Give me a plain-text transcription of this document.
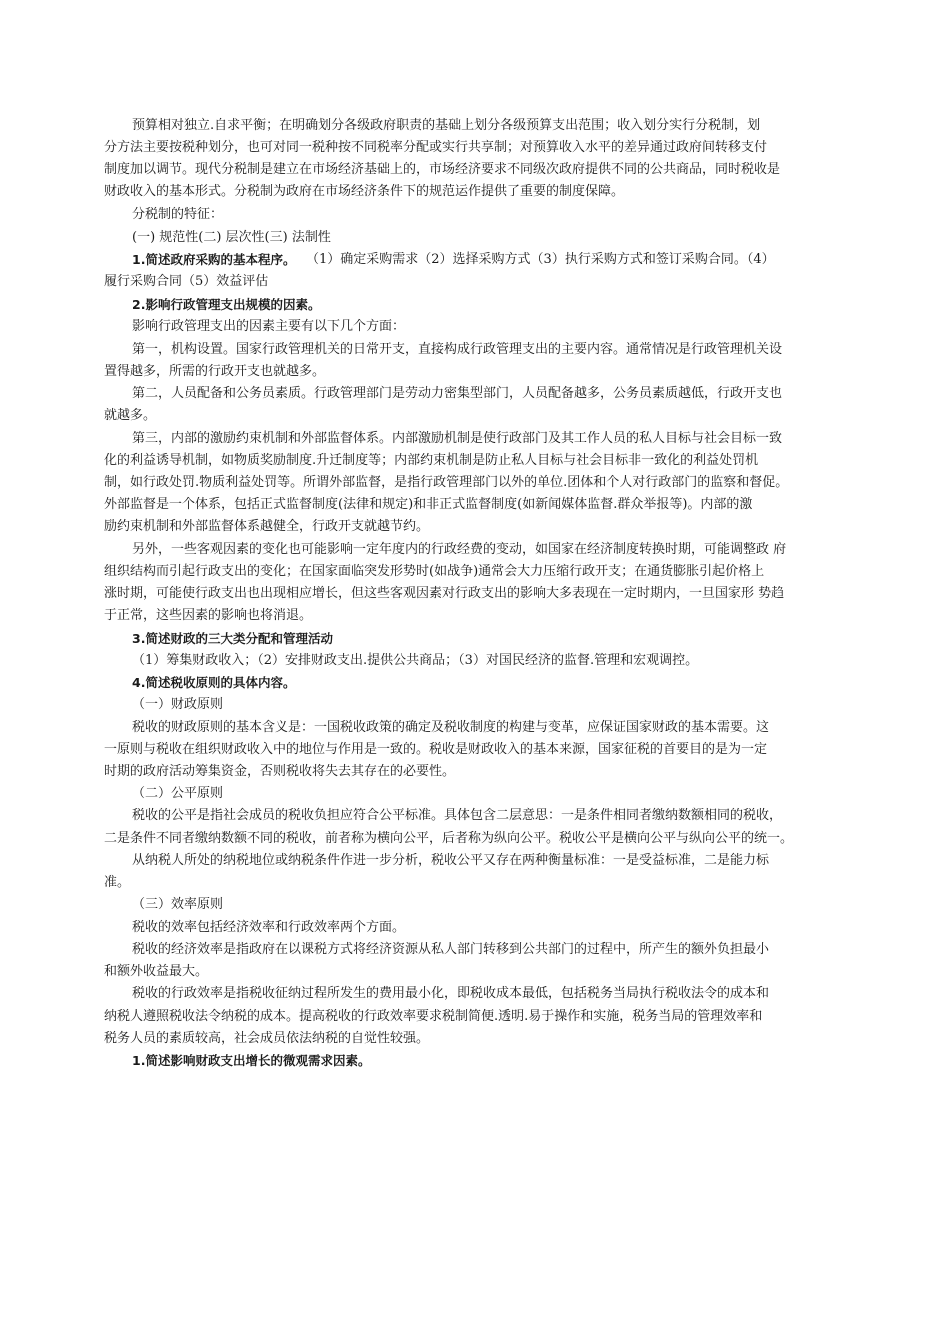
预算相对独立.自求平衡；在明确划分各级政府职责的基础上划分各级预算支出范围；收入划分实行分税制，划
分方法主要按税种划分，也可对同一税种按不同税率分配或实行共享制；对预算收入水平的差异通过政府间转移支付
制度加以调节。现代分税制是建立在市场经济基础上的，市场经济要求不同级次政府提供不同的公共商品，同时税收是
财政收入的基本形式。分税制为政府在市场经济条件下的规范运作提供了重要的制度保障。
分税制的特征：
(一) 规范性(二) 层次性(三) 法制性
1.简述政府采购的基本程序。 （1）确定采购需求（2）选择采购方式（3）执行采购方式和签订采购合同。（4）
履行采购合同（5）效益评估
2.影响行政管理支出规模的因素。
影响行政管理支出的因素主要有以下几个方面：
第一，机构设置。国家行政管理机关的日常开支，直接构成行政管理支出的主要内容。通常情况是行政管理机关设
置得越多，所需的行政开支也就越多。
第二，人员配备和公务员素质。行政管理部门是劳动力密集型部门，人员配备越多，公务员素质越低，行政开支也
就越多。
第三，内部的激励约束机制和外部监督体系。内部激励机制是使行政部门及其工作人员的私人目标与社会目标一致
化的利益诱导机制，如物质奖励制度.升迁制度等；内部约束机制是防止私人目标与社会目标非一致化的利益处罚机
制，如行政处罚.物质利益处罚等。所谓外部监督，是指行政管理部门以外的单位.团体和个人对行政部门的监察和督促。
外部监督是一个体系，包括正式监督制度(法律和规定)和非正式监督制度(如新闻媒体监督.群众举报等)。内部的激
励约束机制和外部监督体系越健全，行政开支就越节约。
另外，一些客观因素的变化也可能影响一定年度内的行政经费的变动，如国家在经济制度转换时期，可能调整政 府
组织结构而引起行政支出的变化；在国家面临突发形势时(如战争)通常会大力压缩行政开支；在通货膨胀引起价格上
涨时期，可能使行政支出也出现相应增长，但这些客观因素对行政支出的影响大多表现在一定时期内，一旦国家形 势趋
于正常，这些因素的影响也将消退。
3.简述财政的三大类分配和管理活动
（1）筹集财政收入；（2）安排财政支出.提供公共商品；（3）对国民经济的监督.管理和宏观调控。
4.简述税收原则的具体内容。
（一）财政原则
税收的财政原则的基本含义是：一国税收政策的确定及税收制度的构建与变革，应保证国家财政的基本需要。这
一原则与税收在组织财政收入中的地位与作用是一致的。税收是财政收入的基本来源，国家征税的首要目的是为一定
时期的政府活动筹集资金，否则税收将失去其存在的必要性。
（二）公平原则
税收的公平是指社会成员的税收负担应符合公平标准。具体包含二层意思：一是条件相同者缴纳数额相同的税收，
二是条件不同者缴纳数额不同的税收，前者称为横向公平，后者称为纵向公平。税收公平是横向公平与纵向公平的统一。
从纳税人所处的纳税地位或纳税条件作进一步分析，税收公平又存在两种衡量标准：一是受益标准，二是能力标
准。
（三）效率原则
税收的效率包括经济效率和行政效率两个方面。
税收的经济效率是指政府在以课税方式将经济资源从私人部门转移到公共部门的过程中，所产生的额外负担最小
和额外收益最大。
税收的行政效率是指税收征纳过程所发生的费用最小化，即税收成本最低，包括税务当局执行税收法令的成本和
纳税人遵照税收法令纳税的成本。提高税收的行政效率要求税制简便.透明.易于操作和实施，税务当局的管理效率和
税务人员的素质较高，社会成员依法纳税的自觉性较强。
1.简述影响财政支出增长的微观需求因素。
